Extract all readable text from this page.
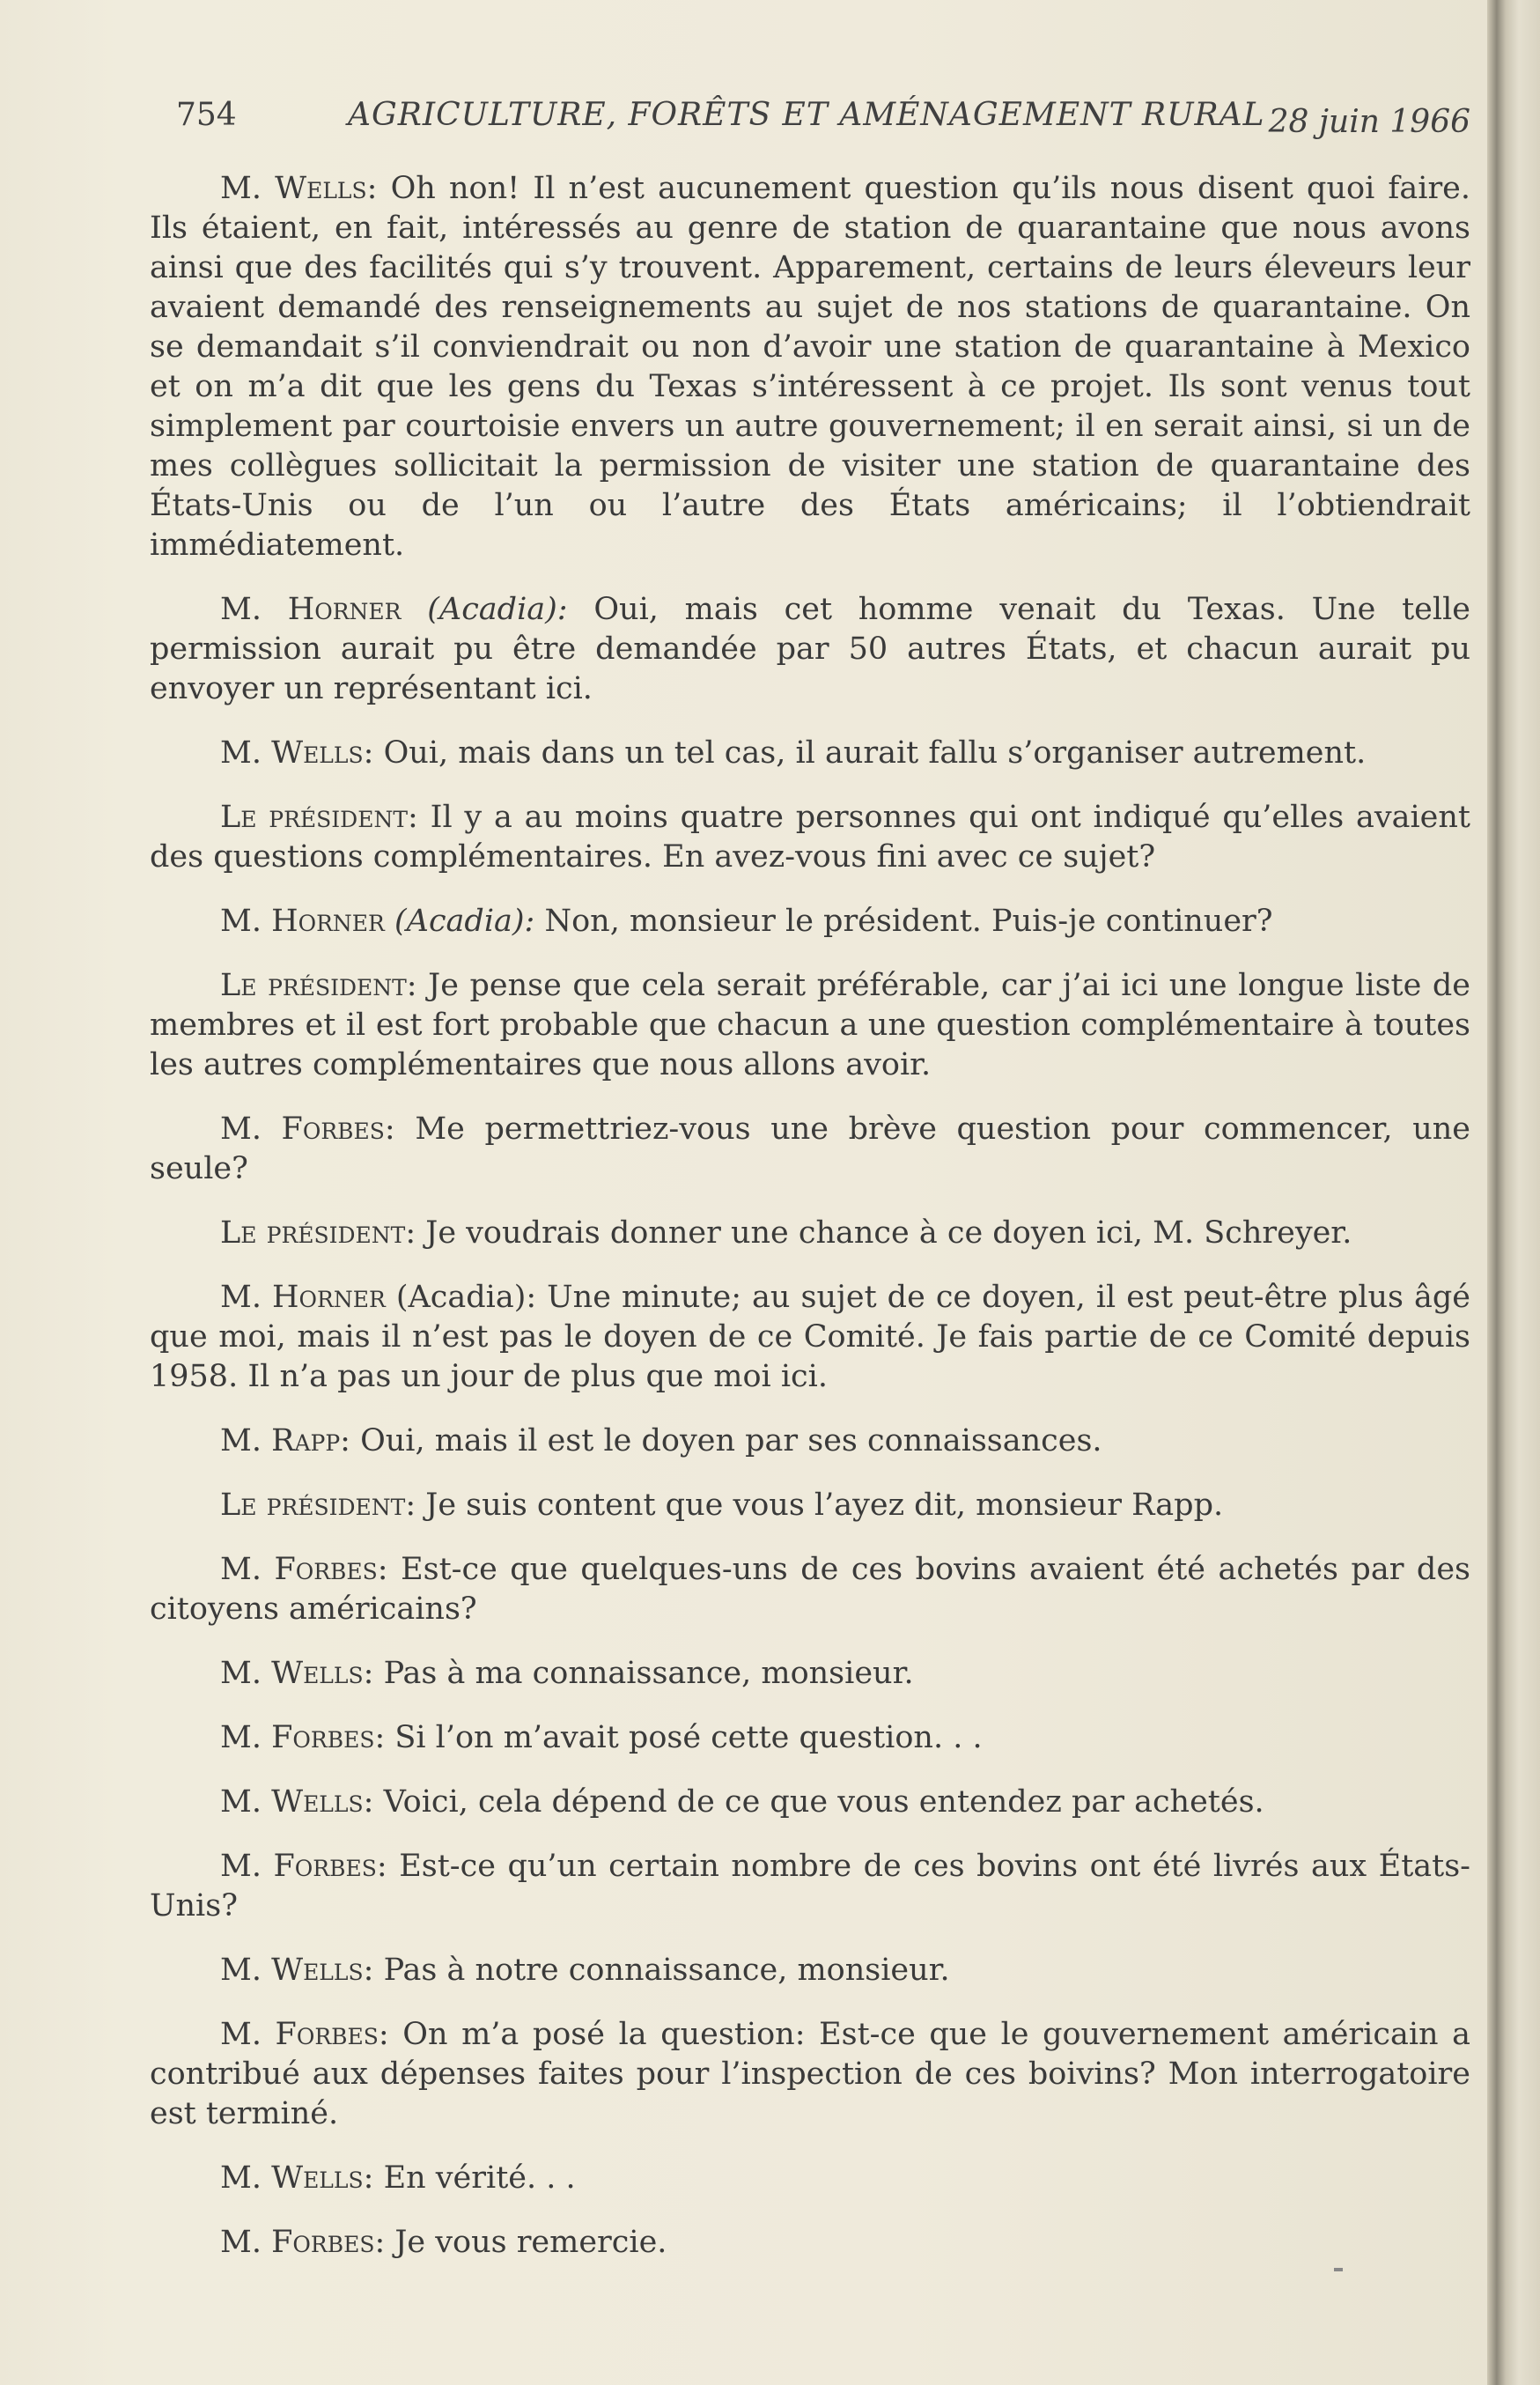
754	AGRICULTURE, FORÊTS ET AMÉNAGEMENT RURAL 28 juin 1966

M. Wells: Oh non! Il n’est aucunement question qu’ils nous disent quoi faire. Ils étaient, en fait, intéressés au genre de station de quarantaine que nous avons ainsi que des facilités qui s’y trouvent. Apparement, certains de leurs éleveurs leur avaient demandé des renseignements au sujet de nos stations de quarantaine. On se demandait s’il conviendrait ou non d’avoir une station de quarantaine à Mexico et on m’a dit que les gens du Texas s’intéressent à ce projet. Ils sont venus tout simplement par courtoisie envers un autre gouvernement; il en serait ainsi, si un de mes collègues sollicitait la permission de visiter une station de quarantaine des États-Unis ou de l’un ou l’autre des États américains; il l’obtiendrait immédiatement.

M. Horner (Acadia): Oui, mais cet homme venait du Texas. Une telle permission aurait pu être demandée par 50 autres États, et chacun aurait pu envoyer un représentant ici.

M. Wells: Oui, mais dans un tel cas, il aurait fallu s’organiser autrement.

Le président: Il y a au moins quatre personnes qui ont indiqué qu’elles avaient des questions complémentaires. En avez-vous fini avec ce sujet?

M. Horner (Acadia): Non, monsieur le président. Puis-je continuer?

Le président: Je pense que cela serait préférable, car j’ai ici une longue liste de membres et il est fort probable que chacun a une question complémentaire à toutes les autres complémentaires que nous allons avoir.

M. Forbes: Me permettriez-vous une brève question pour commencer, une seule?

Le président: Je voudrais donner une chance à ce doyen ici, M. Schreyer.

M. Horner (Acadia): Une minute; au sujet de ce doyen, il est peut-être plus âgé que moi, mais il n’est pas le doyen de ce Comité. Je fais partie de ce Comité depuis 1958. Il n’a pas un jour de plus que moi ici.

M. Rapp: Oui, mais il est le doyen par ses connaissances.

Le président: Je suis content que vous l’ayez dit, monsieur Rapp.

M. Forbes: Est-ce que quelques-uns de ces bovins avaient été achetés par des citoyens américains?

M. Wells: Pas à ma connaissance, monsieur.

M. Forbes: Si l’on m’avait posé cette question. . .

M. Wells: Voici, cela dépend de ce que vous entendez par achetés.

M. Forbes: Est-ce qu’un certain nombre de ces bovins ont été livrés aux États-Unis?

M. Wells: Pas à notre connaissance, monsieur.

M. Forbes: On m’a posé la question: Est-ce que le gouvernement américain a contribué aux dépenses faites pour l’inspection de ces boivins? Mon interrogatoire est terminé.

M. Wells: En vérité. . .

M. Forbes: Je vous remercie.
